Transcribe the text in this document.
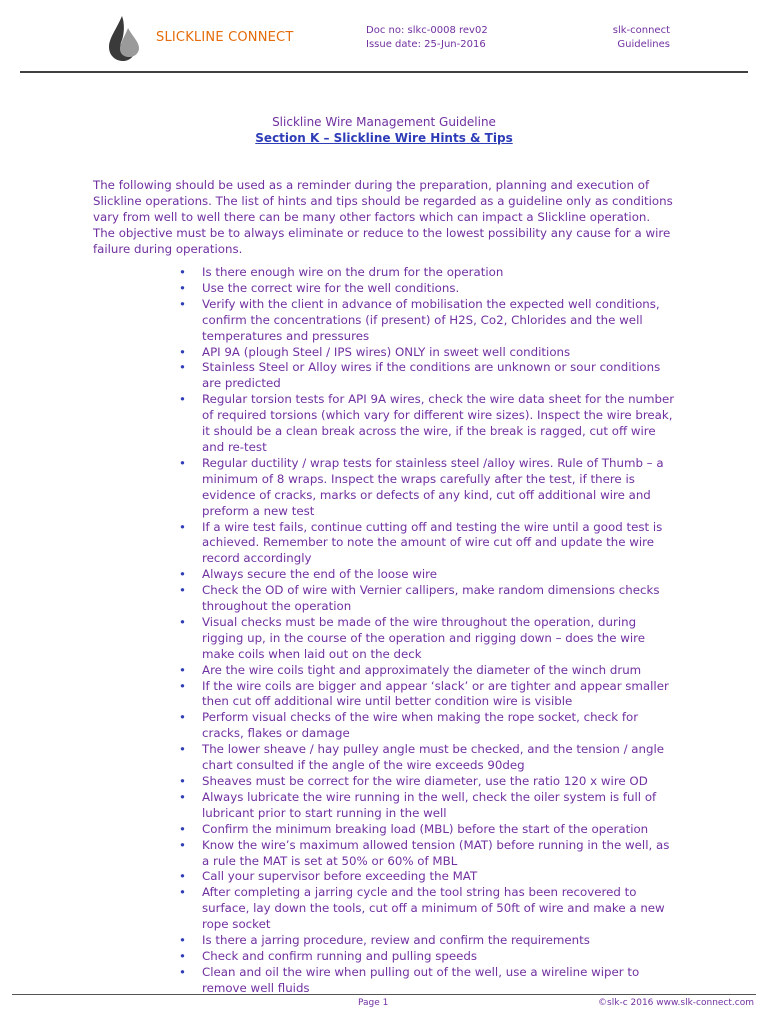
SLICKLINE CONNECT	Doc no: slkc-0008 rev02
Issue date: 25-Jun-2016
slk-connect
Guidelines
Slickline Wire Management Guideline
Section K – Slickline Wire Hints & Tips

The following should be used as a reminder during the preparation, planning and execution of Slickline operations. The list of hints and tips should be regarded as a guideline only as conditions vary from well to well there can be many other factors which can impact a Slickline operation. The objective must be to always eliminate or reduce to the lowest possibility any cause for a wire failure during operations.

• Is there enough wire on the drum for the operation
• Use the correct wire for the well conditions.
• Verify with the client in advance of mobilisation the expected well conditions, confirm the concentrations (if present) of H2S, Co2, Chlorides and the well temperatures and pressures
• API 9A (plough Steel / IPS wires) ONLY in sweet well conditions
• Stainless Steel or Alloy wires if the conditions are unknown or sour conditions are predicted
• Regular torsion tests for API 9A wires, check the wire data sheet for the number of required torsions (which vary for different wire sizes). Inspect the wire break, it should be a clean break across the wire, if the break is ragged, cut off wire and re-test
• Regular ductility / wrap tests for stainless steel /alloy wires. Rule of Thumb – a minimum of 8 wraps. Inspect the wraps carefully after the test, if there is evidence of cracks, marks or defects of any kind, cut off additional wire and preform a new test
• If a wire test fails, continue cutting off and testing the wire until a good test is achieved. Remember to note the amount of wire cut off and update the wire record accordingly
• Always secure the end of the loose wire
• Check the OD of wire with Vernier callipers, make random dimensions checks throughout the operation
• Visual checks must be made of the wire throughout the operation, during rigging up, in the course of the operation and rigging down – does the wire make coils when laid out on the deck
• Are the wire coils tight and approximately the diameter of the winch drum
• If the wire coils are bigger and appear ‘slack’ or are tighter and appear smaller then cut off additional wire until better condition wire is visible
• Perform visual checks of the wire when making the rope socket, check for cracks, flakes or damage
• The lower sheave / hay pulley angle must be checked, and the tension / angle chart consulted if the angle of the wire exceeds 90deg
• Sheaves must be correct for the wire diameter, use the ratio 120 x wire OD
• Always lubricate the wire running in the well, check the oiler system is full of lubricant prior to start running in the well
• Confirm the minimum breaking load (MBL) before the start of the operation
• Know the wire’s maximum allowed tension (MAT) before running in the well, as a rule the MAT is set at 50% or 60% of MBL
• Call your supervisor before exceeding the MAT
• After completing a jarring cycle and the tool string has been recovered to surface, lay down the tools, cut off a minimum of 50ft of wire and make a new rope socket
• Is there a jarring procedure, review and confirm the requirements
• Check and confirm running and pulling speeds
• Clean and oil the wire when pulling out of the well, use a wireline wiper to remove well fluids
Page 1	©slk-c 2016 www.slk-connect.com
